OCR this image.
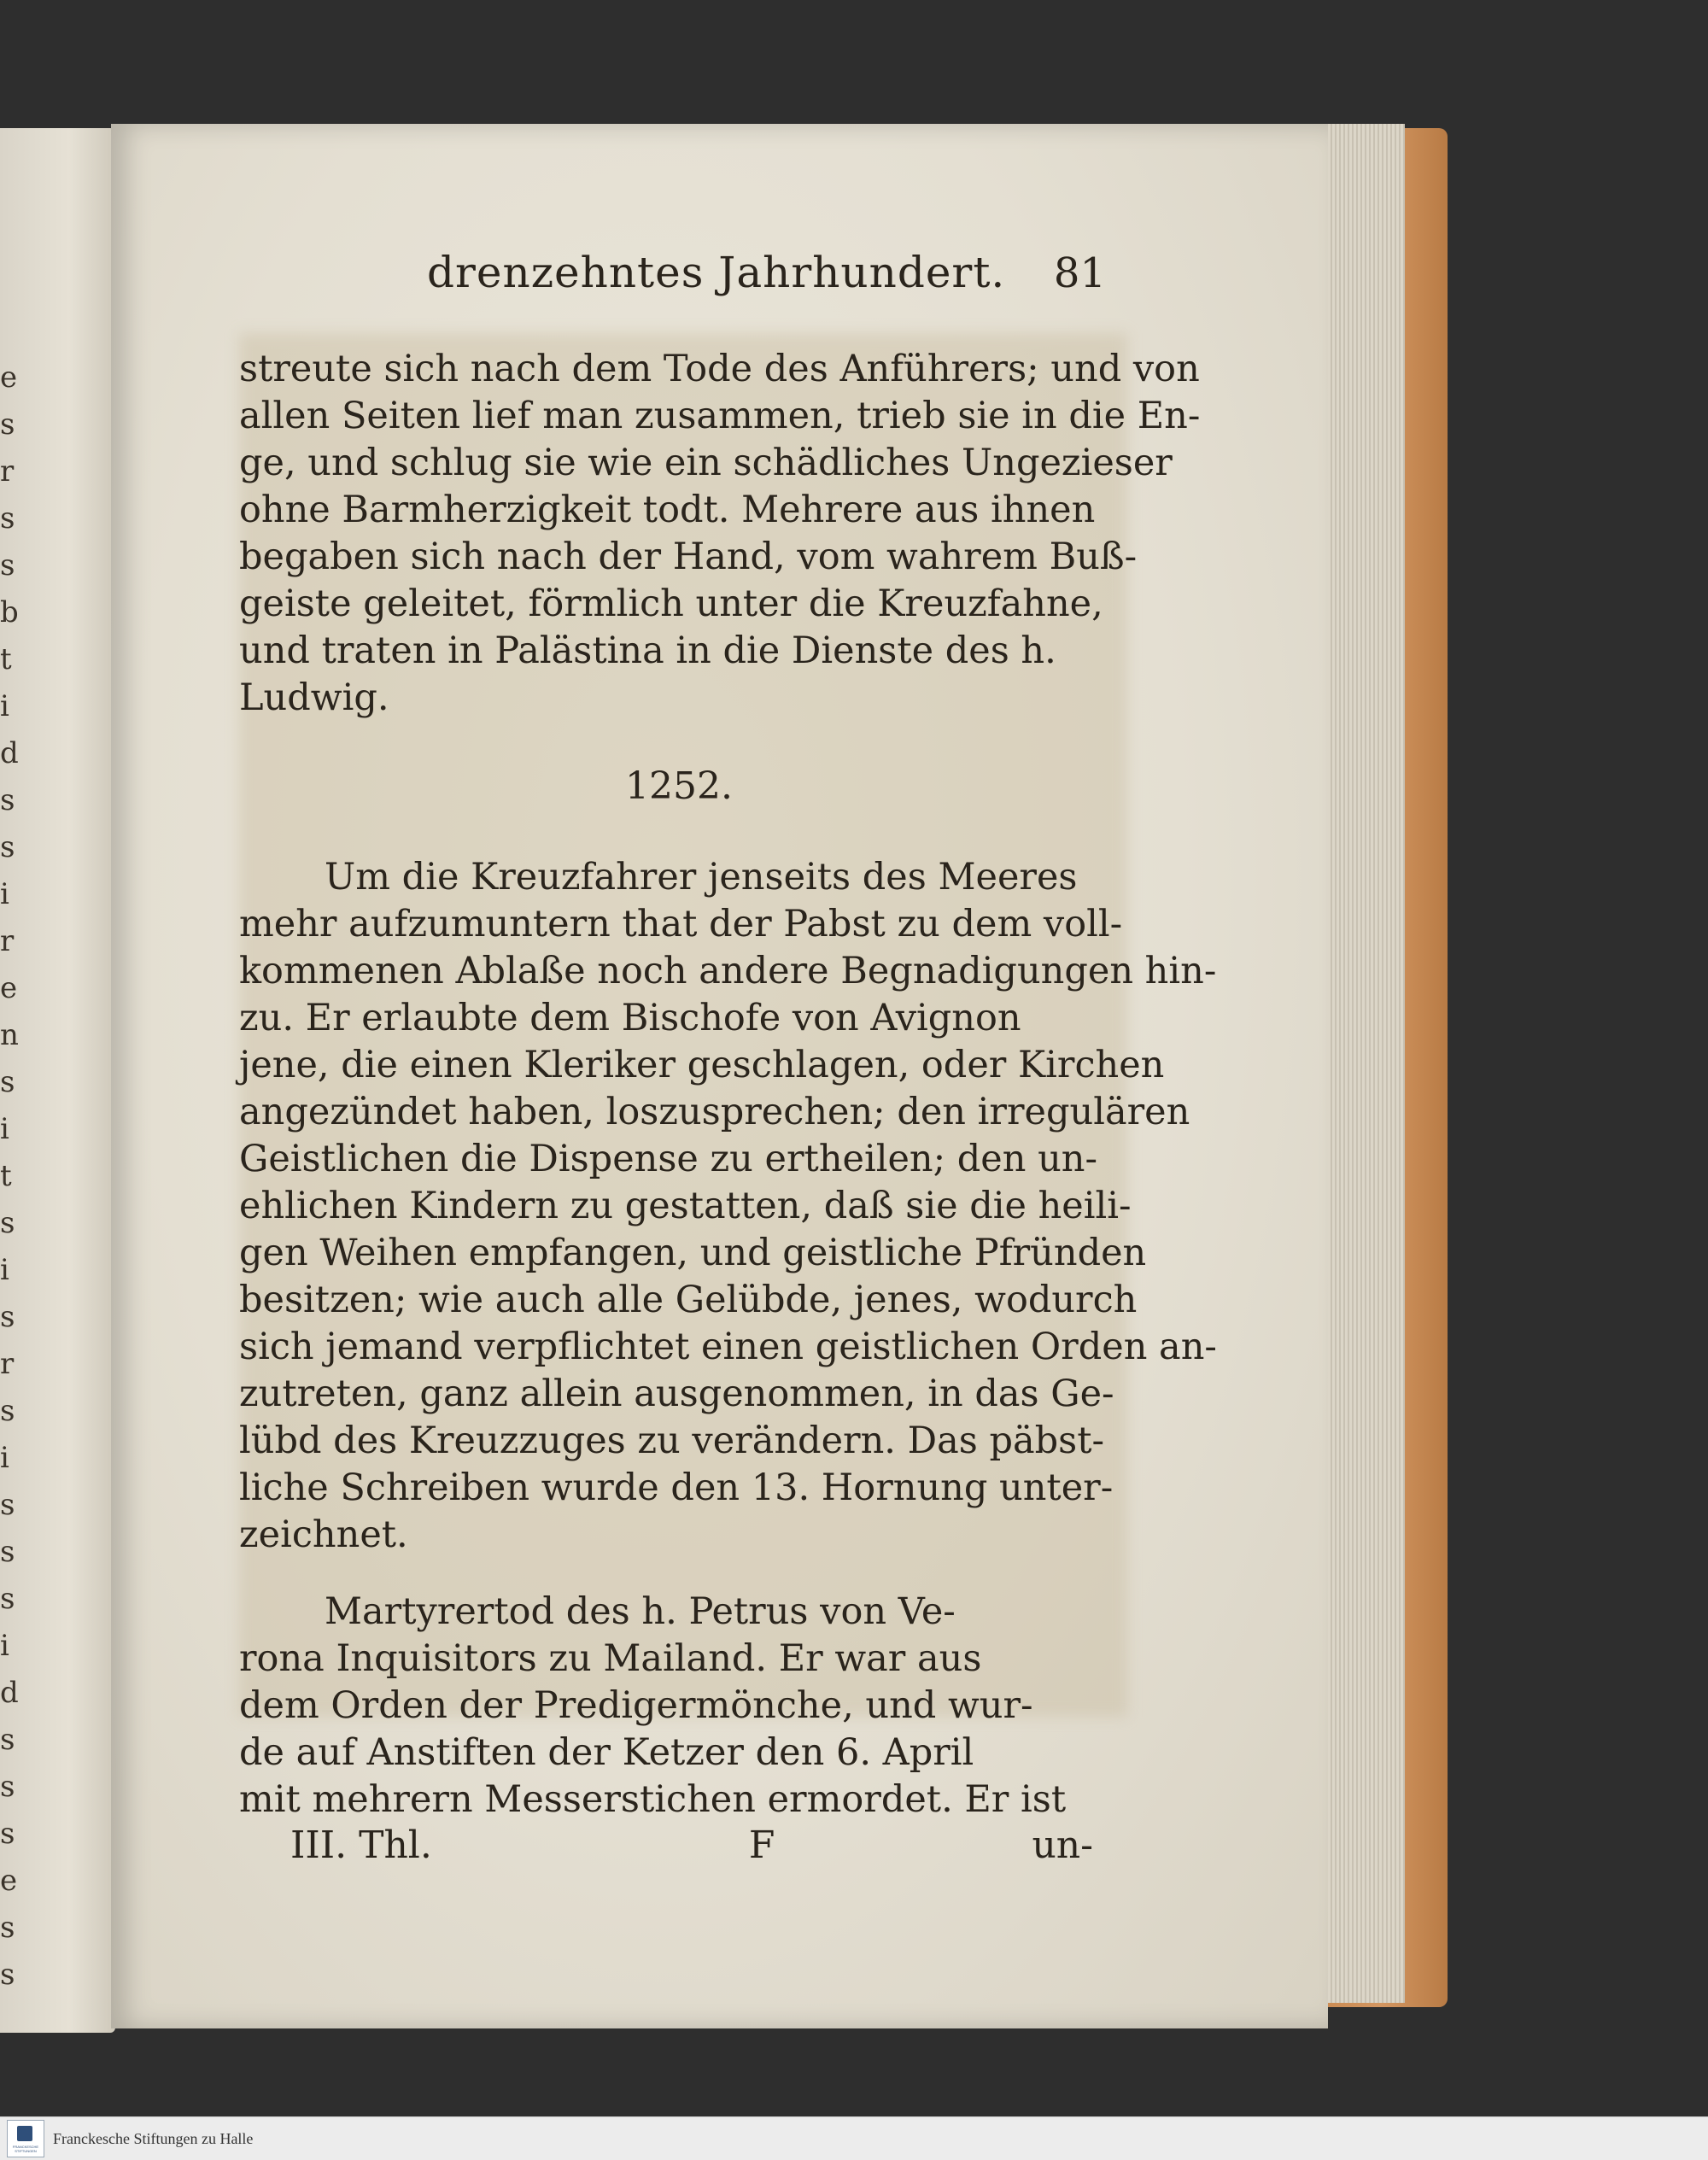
e
s
r
s
s
b
t
i
d
s
s
i
r
e
n
s
i
t
s
i
s
r
s
i
s
s
s
i
d
s
s
s
e
s
s
drenzehntes Jahrhundert. 81
streute sich nach dem Tode des Anführers; und von
allen Seiten lief man zusammen, trieb sie in die En-
ge, und schlug sie wie ein schädliches Ungezieser
ohne Barmherzigkeit todt. Mehrere aus ihnen
begaben sich nach der Hand, vom wahrem Buß-
geiste geleitet, förmlich unter die Kreuzfahne,
und traten in Palästina in die Dienste des h.
Ludwig.
1252.
Um die Kreuzfahrer jenseits des Meeres
mehr aufzumuntern that der Pabst zu dem voll-
kommenen Ablaße noch andere Begnadigungen hin-
zu. Er erlaubte dem Bischofe von Avignon
jene, die einen Kleriker geschlagen, oder Kirchen
angezündet haben, loszusprechen; den irregulären
Geistlichen die Dispense zu ertheilen; den un-
ehlichen Kindern zu gestatten, daß sie die heili-
gen Weihen empfangen, und geistliche Pfründen
besitzen; wie auch alle Gelübde, jenes, wodurch
sich jemand verpflichtet einen geistlichen Orden an-
zutreten, ganz allein ausgenommen, in das Ge-
lübd des Kreuzzuges zu verändern. Das päbst-
liche Schreiben wurde den 13. Hornung unter-
zeichnet.
Martyrertod des h. Petrus von Ve-
rona Inquisitors zu Mailand. Er war aus
dem Orden der Predigermönche, und wur-
de auf Anstiften der Ketzer den 6. April
mit mehrern Messerstichen ermordet. Er ist
III. Thl.	F	un-
FRANCKESCHE STIFTUNGEN
Franckesche Stiftungen zu Halle
